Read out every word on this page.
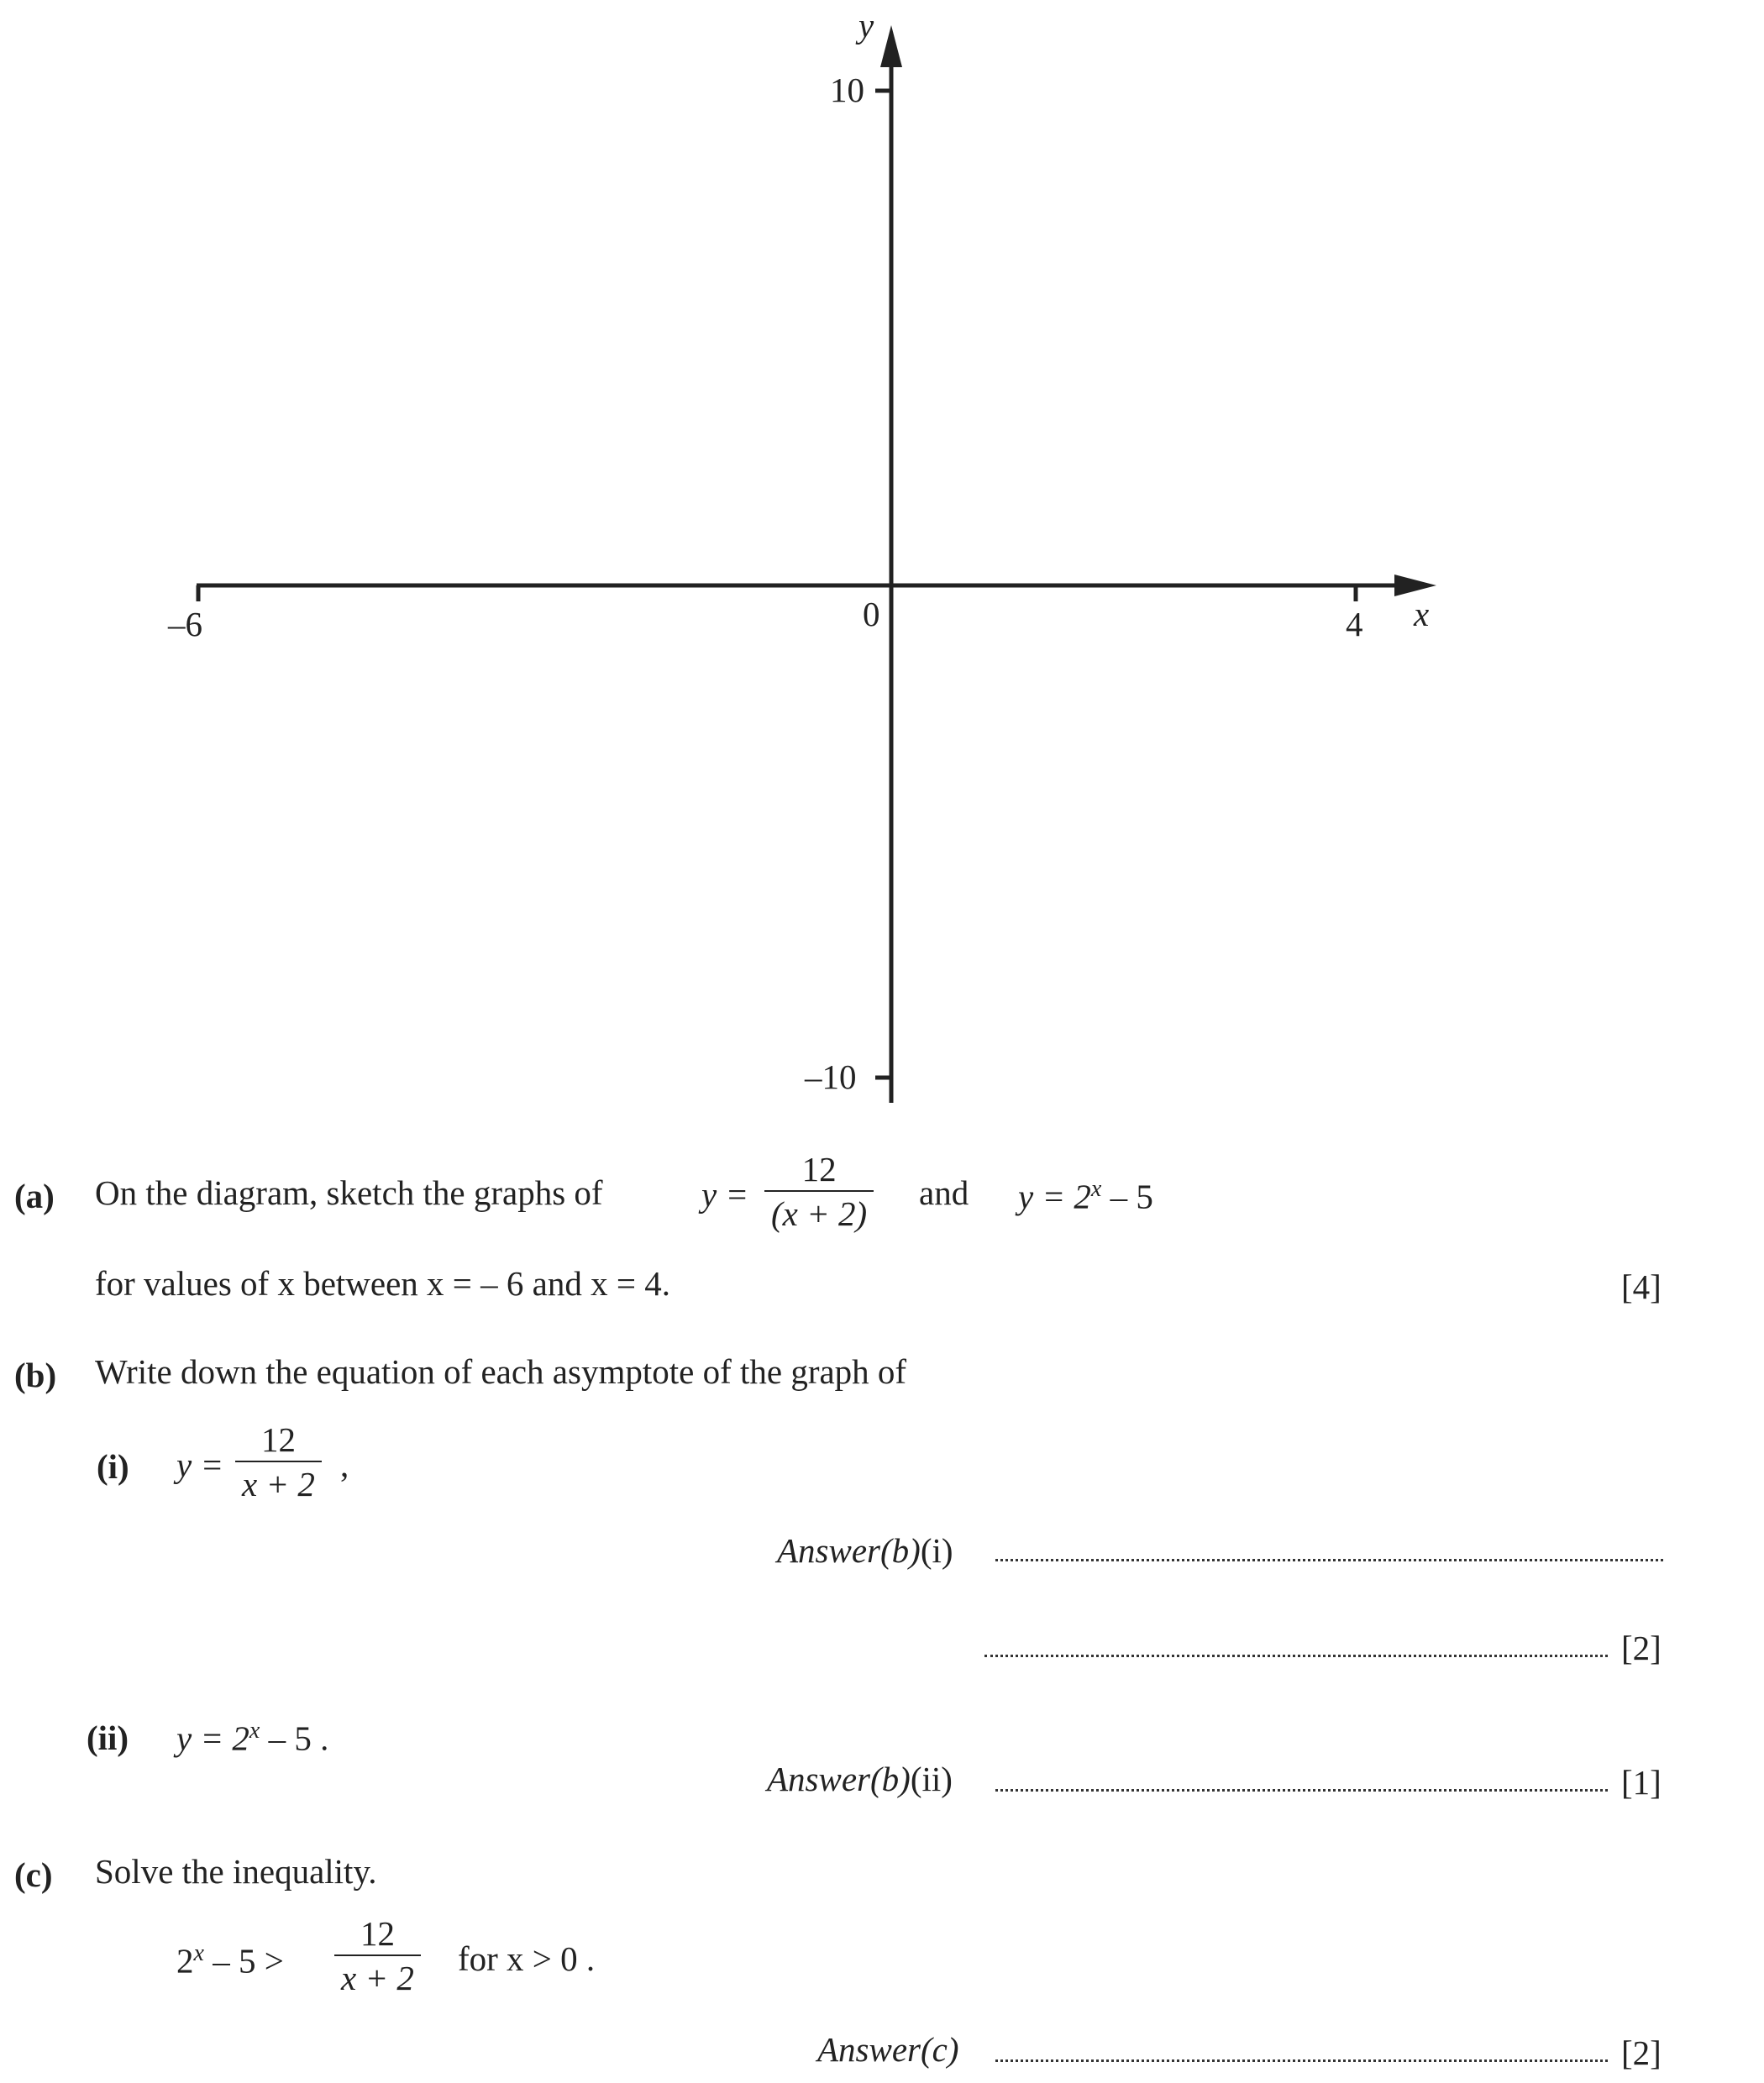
y
x
10
–10
0
–6	4
(a) On the diagram, sketch the graphs of	$y = \frac{12}{(x + 2)}$ and $y = 2^x - 5$
for values of x between x = – 6 and x = 4.	[4]
(b) Write down the equation of each asymptote of the graph of
(i) $y = \frac{12}{x + 2}$ ,
Answer(b)(i)
[2]
(ii) $y = 2^x - 5$ .
Answer(b)(ii)	[1]
(c) Solve the inequality.
$2^x - 5 > \frac{12}{x + 2}$ for x > 0 .
Answer(c)	[2]
